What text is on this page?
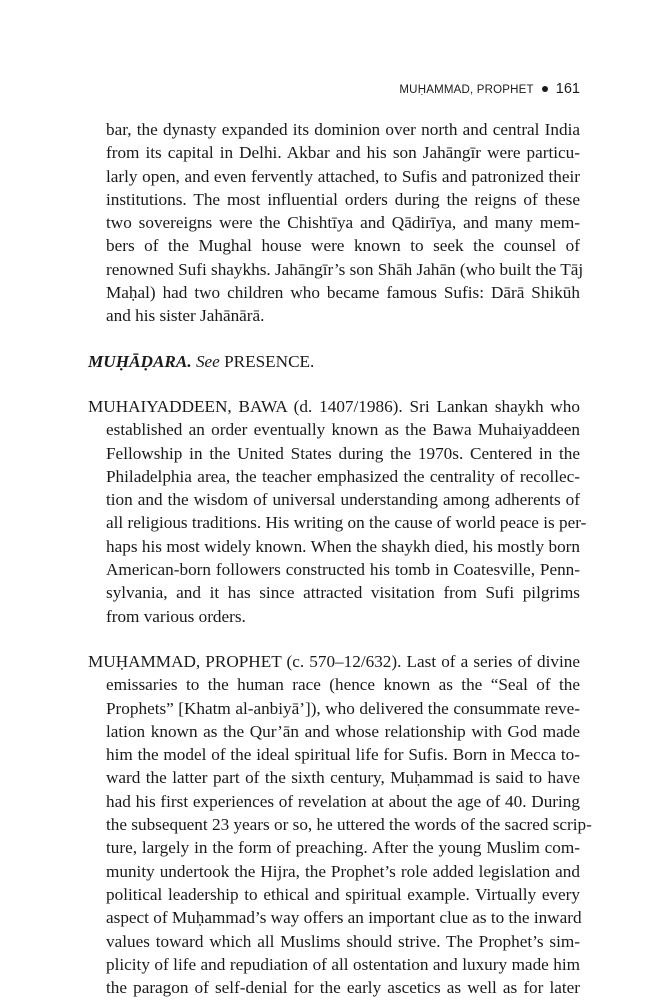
MUḤAMMAD, PROPHET 161
bar, the dynasty expanded its dominion over north and central India
from its capital in Delhi. Akbar and his son Jahāngīr were particu-
larly open, and even fervently attached, to Sufis and patronized their
institutions. The most influential orders during the reigns of these
two sovereigns were the Chishtīya and Qādirīya, and many mem-
bers of the Mughal house were known to seek the counsel of
renowned Sufi shaykhs. Jahāngīr’s son Shāh Jahān (who built the Tāj
Maḥal) had two children who became famous Sufis: Dārā Shikūh
and his sister Jahānārā.
MUḤĀḌARA. See PRESENCE.
MUHAIYADDEEN, BAWA (d. 1407/1986). Sri Lankan shaykh who
established an order eventually known as the Bawa Muhaiyaddeen
Fellowship in the United States during the 1970s. Centered in the
Philadelphia area, the teacher emphasized the centrality of recollec-
tion and the wisdom of universal understanding among adherents of
all religious traditions. His writing on the cause of world peace is per-
haps his most widely known. When the shaykh died, his mostly born
American-born followers constructed his tomb in Coatesville, Penn-
sylvania, and it has since attracted visitation from Sufi pilgrims
from various orders.
MUḤAMMAD, PROPHET (c. 570–12/632). Last of a series of divine
emissaries to the human race (hence known as the “Seal of the
Prophets” [Khatm al-anbiyā’]), who delivered the consummate reve-
lation known as the Qur’ān and whose relationship with God made
him the model of the ideal spiritual life for Sufis. Born in Mecca to-
ward the latter part of the sixth century, Muḥammad is said to have
had his first experiences of revelation at about the age of 40. During
the subsequent 23 years or so, he uttered the words of the sacred scrip-
ture, largely in the form of preaching. After the young Muslim com-
munity undertook the Hijra, the Prophet’s role added legislation and
political leadership to ethical and spiritual example. Virtually every
aspect of Muḥammad’s way offers an important clue as to the inward
values toward which all Muslims should strive. The Prophet’s sim-
plicity of life and repudiation of all ostentation and luxury made him
the paragon of self-denial for the early ascetics as well as for later
